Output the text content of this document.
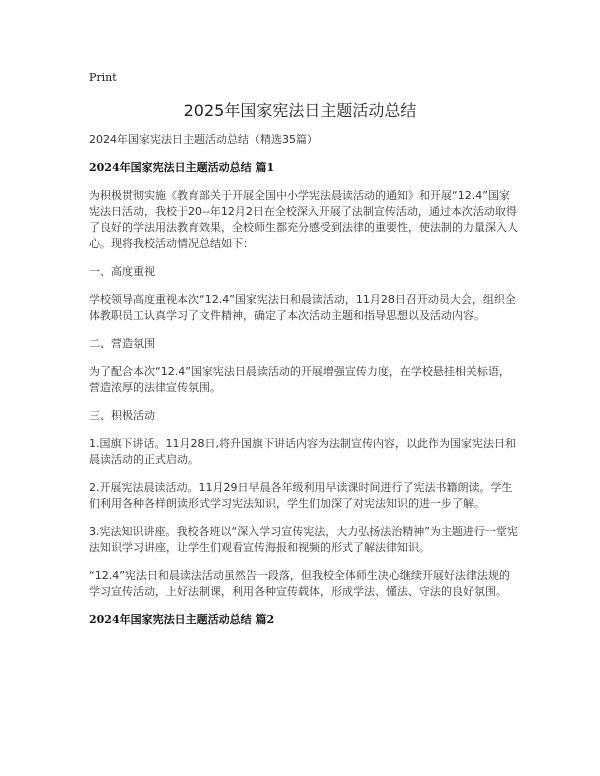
Print
2025年国家宪法日主题活动总结

2024年国家宪法日主题活动总结（精选35篇）

2024年国家宪法日主题活动总结 篇1

为积极贯彻实施《教育部关于开展全国中小学宪法晨读活动的通知》和开展“12.4”国家宪法日活动，我校于20--年12月2日在全校深入开展了法制宣传活动，通过本次活动取得了良好的学法用法教育效果，全校师生都充分感受到法律的重要性，使法制的力量深入人心。现将我校活动情况总结如下：

一、高度重视

学校领导高度重视本次“12.4”国家宪法日和晨读活动，11月28日召开动员大会，组织全体教职员工认真学习了文件精神，确定了本次活动主题和指导思想以及活动内容。

二、营造氛围

为了配合本次“12.4”国家宪法日晨读活动的开展增强宣传力度，在学校悬挂相关标语，营造浓厚的法律宣传氛围。

三、积极活动

1.国旗下讲话。11月28日,将升国旗下讲话内容为法制宣传内容，以此作为国家宪法日和晨读活动的正式启动。

2.开展宪法晨读活动。11月29日早晨各年级利用早读课时间进行了宪法书籍朗读。学生们利用各种各样朗读形式学习宪法知识，学生们加深了对宪法知识的进一步了解。

3.宪法知识讲座。我校各班以“深入学习宣传宪法，大力弘扬法治精神”为主题进行一堂宪法知识学习讲座，让学生们观看宣传海报和视频的形式了解法律知识。

“12.4”宪法日和晨读法活动虽然告一段落，但我校全体师生决心继续开展好法律法规的学习宣传活动，上好法制课，利用各种宣传载体，形成学法、懂法、守法的良好氛围。

2024年国家宪法日主题活动总结 篇2
